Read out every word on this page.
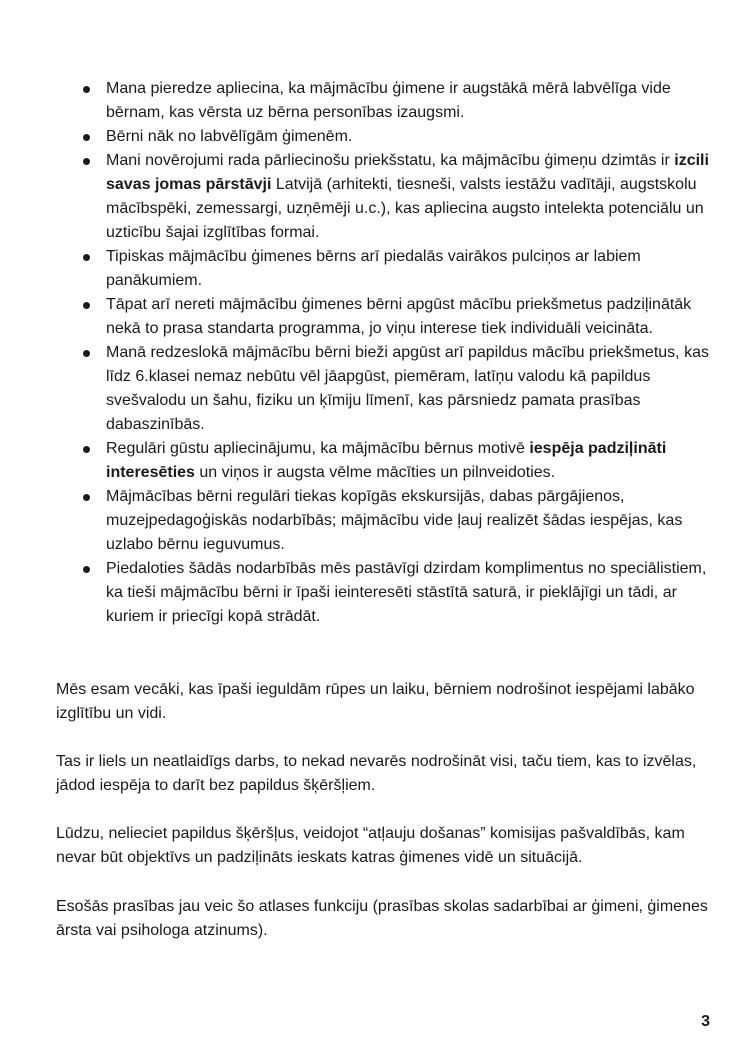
Mana pieredze apliecina, ka mājmācību ģimene ir augstākā mērā labvēlīga vide bērnam, kas vērsta uz bērna personības izaugsmi.
Bērni nāk no labvēlīgām ģimenēm.
Mani novērojumi rada pārliecinošu priekšstatu, ka mājmācību ģimeņu dzimtās ir izcili savas jomas pārstāvji Latvijā (arhitekti, tiesneši, valsts iestāžu vadītāji, augstskolu mācībspēki, zemessargi, uzņēmēji u.c.), kas apliecina augsto intelekta potenciālu un uzticību šajai izglītības formai.
Tipiskas mājmācību ģimenes bērns arī piedalās vairākos pulciņos ar labiem panākumiem.
Tāpat arī nereti mājmācību ģimenes bērni apgūst mācību priekšmetus padziļinātāk nekā to prasa standarta programma, jo viņu interese tiek individuāli veicināta.
Manā redzeslokā mājmācību bērni bieži apgūst arī papildus mācību priekšmetus, kas līdz 6.klasei nemaz nebūtu vēl jāapgūst, piemēram, latīņu valodu kā papildus svešvalodu un šahu, fiziku un ķīmiju līmenī, kas pārsniedz pamata prasības dabaszinībās.
Regulāri gūstu apliecinājumu, ka mājmācību bērnus motivē iespēja padziļināti interesēties un viņos ir augsta vēlme mācīties un pilnveidoties.
Mājmācības bērni regulāri tiekas kopīgās ekskursijās, dabas pārgājienos, muzejpedagoģiskās nodarbībās; mājmācību vide ļauj realizēt šādas iespējas, kas uzlabo bērnu ieguvumus.
Piedaloties šādās nodarbībās mēs pastāvīgi dzirdam komplimentus no speciālistiem, ka tieši mājmācību bērni ir īpaši ieinteresēti stāstītā saturā, ir pieklājīgi un tādi, ar kuriem ir priecīgi kopā strādāt.

Mēs esam vecāki, kas īpaši ieguldām rūpes un laiku, bērniem nodrošinot iespējami labāko izglītību un vidi.

Tas ir liels un neatlaidīgs darbs, to nekad nevarēs nodrošināt visi, taču tiem, kas to izvēlas, jādod iespēja to darīt bez papildus šķēršļiem.

Lūdzu, nelieciet papildus šķēršļus, veidojot “atļauju došanas” komisijas pašvaldībās, kam nevar būt objektīvs un padziļināts ieskats katras ģimenes vidē un situācijā.

Esošās prasības jau veic šo atlases funkciju (prasības skolas sadarbībai ar ģimeni, ģimenes ārsta vai psihologa atzinums).

3
